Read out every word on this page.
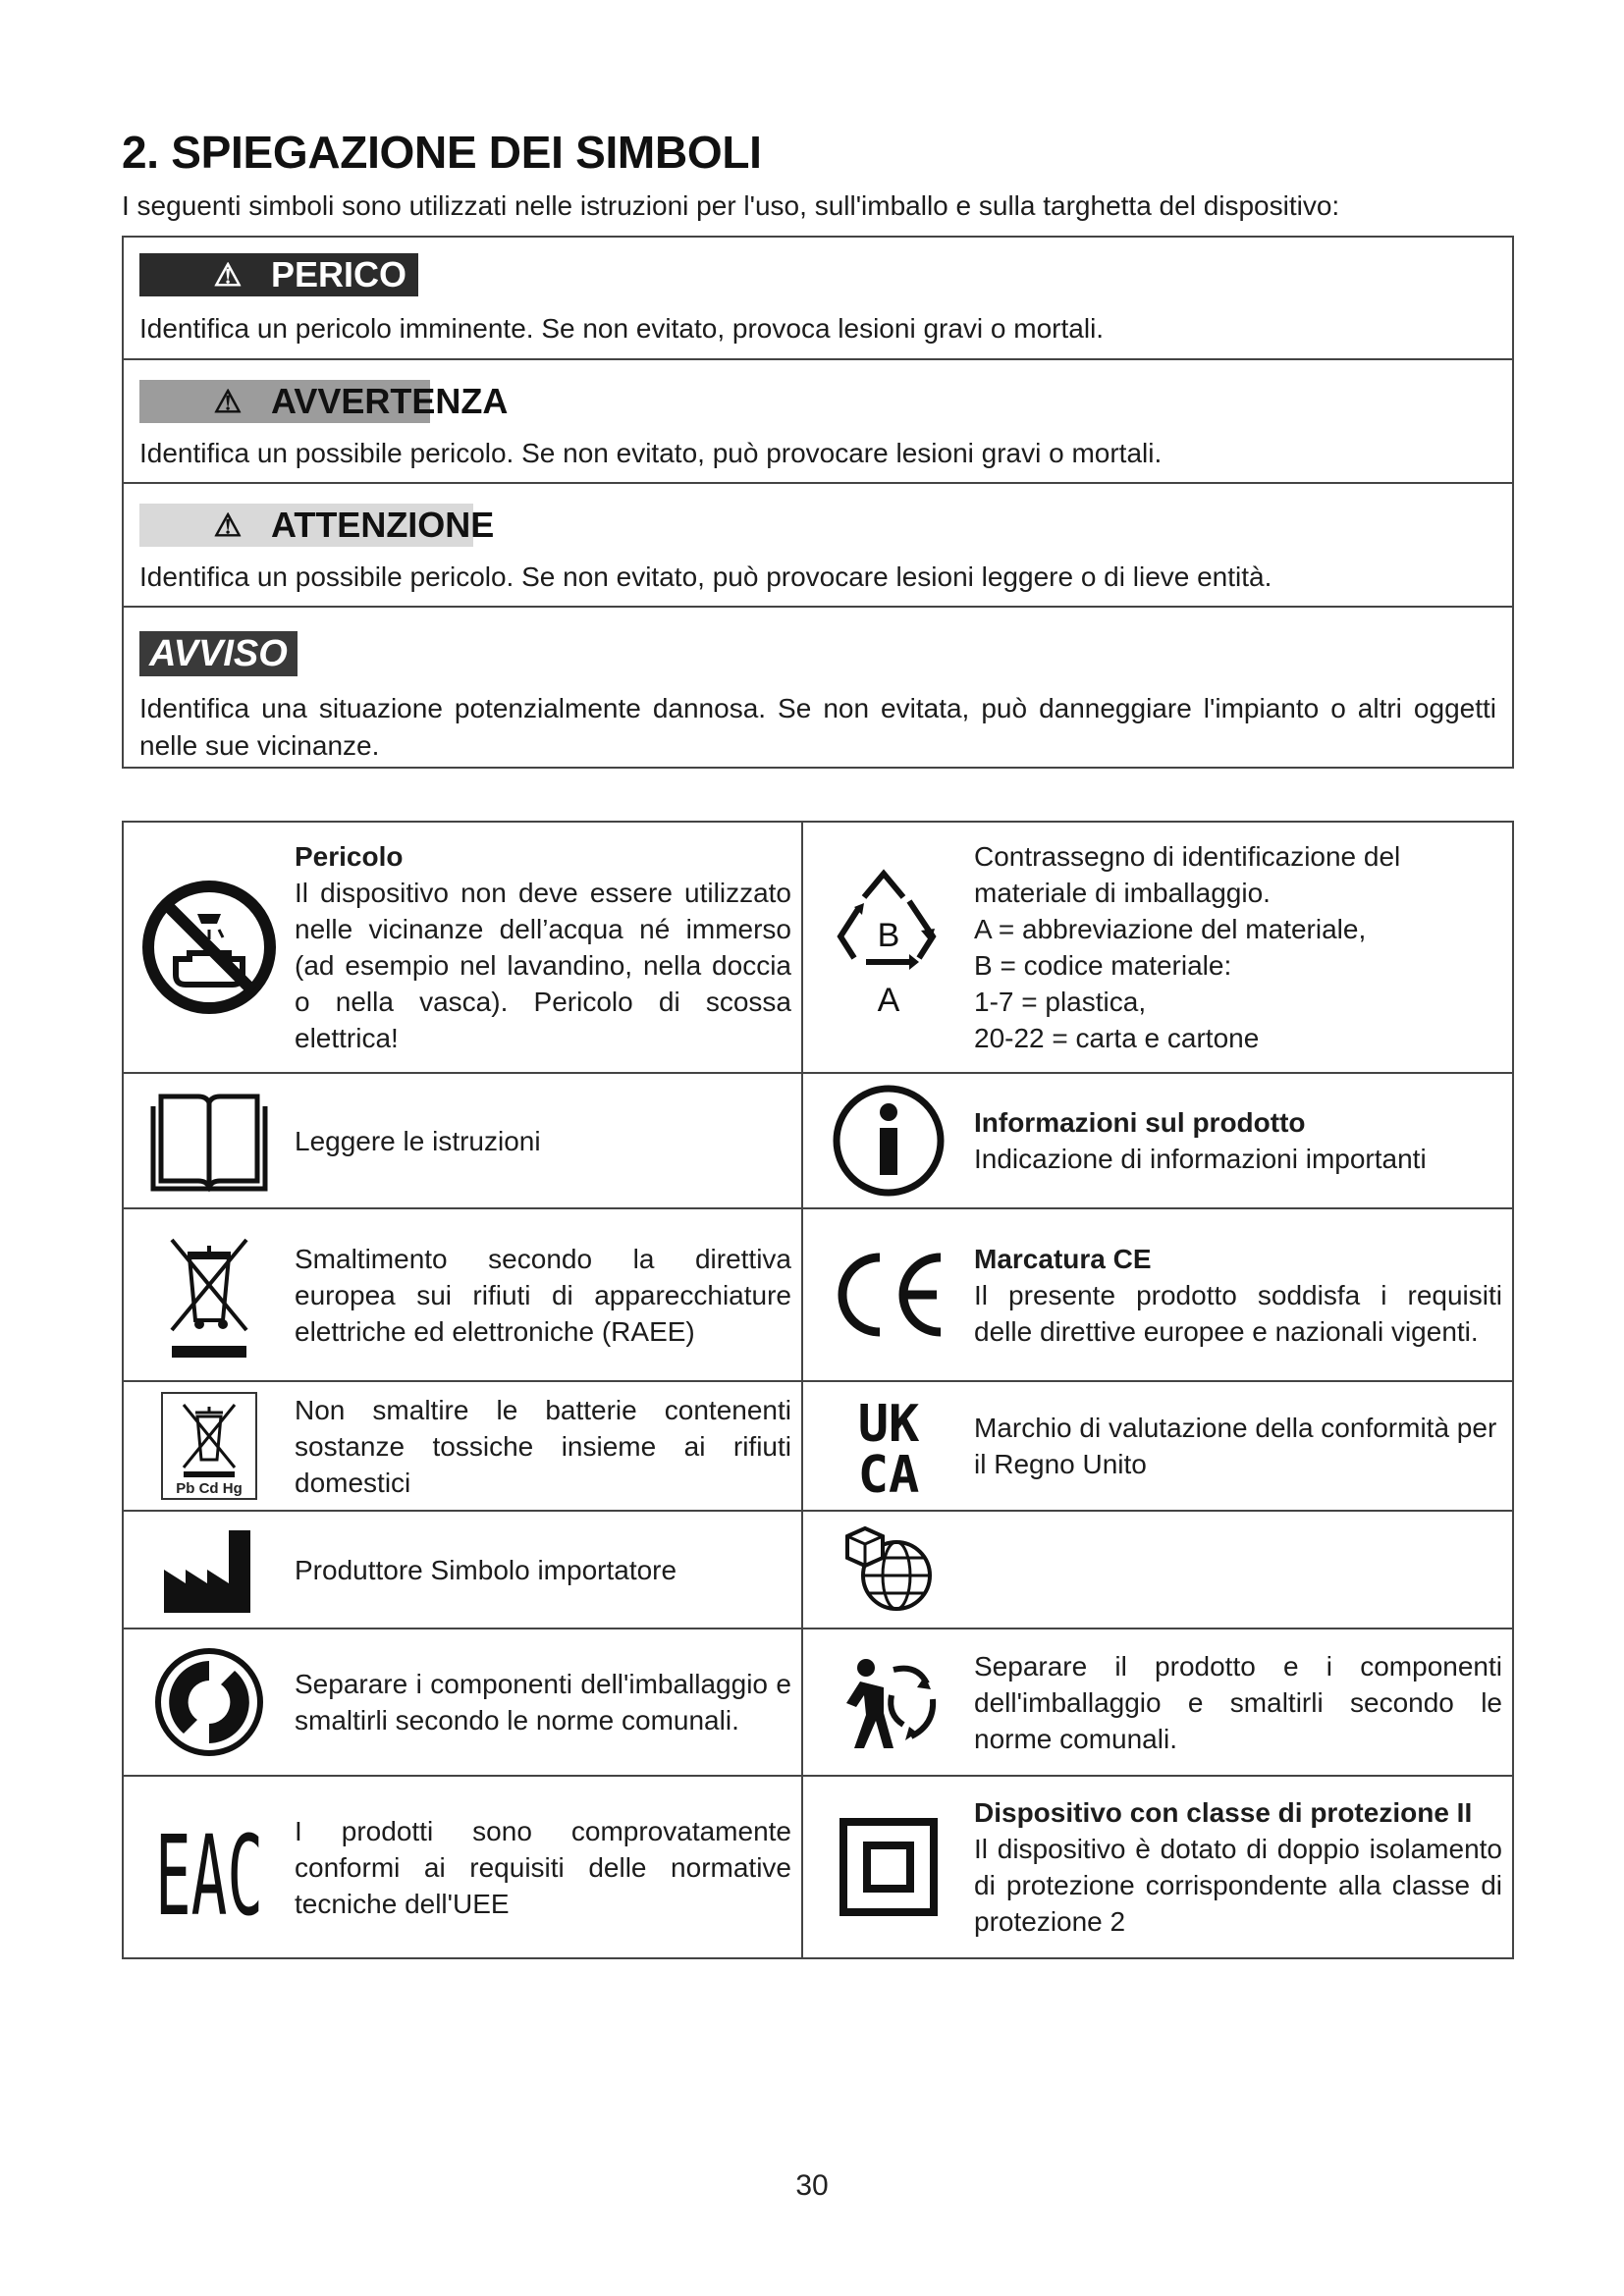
2. SPIEGAZIONE DEI SIMBOLI
I seguenti simboli sono utilizzati nelle istruzioni per l'uso, sull'imballo e sulla targhetta del dispositivo:
⚠ PERICO
Identifica un pericolo imminente. Se non evitato, provoca lesioni gravi o mortali.
⚠ AVVERTENZA
Identifica un possibile pericolo. Se non evitato, può provocare lesioni gravi o mortali.
⚠ ATTENZIONE
Identifica un possibile pericolo. Se non evitato, può provocare lesioni leggere o di lieve entità.
AVVISO
Identifica una situazione potenzialmente dannosa. Se non evitata, può danneggiare l'impianto o altri oggetti nelle sue vicinanze.
Pericolo
Il dispositivo non deve essere utilizzato nelle vicinanze dell’acqua né immerso (ad esempio nel lavandino, nella doccia o nella vasca). Pericolo di scossa elettrica!
B
A
Contrassegno di identificazione del materiale di imballaggio.
A = abbreviazione del materiale,
B = codice materiale:
1-7 = plastica,
20-22 = carta e cartone
Leggere le istruzioni
Informazioni sul prodotto
Indicazione di informazioni importanti
Smaltimento secondo la direttiva europea sui rifiuti di apparecchiature elettriche ed elettroniche (RAEE)
Marcatura CE
Il presente prodotto soddisfa i requisiti delle direttive europee e nazionali vigenti.
Pb Cd Hg
Non smaltire le batterie contenenti sostanze tossiche insieme ai rifiuti domestici
UK
CA
Marchio di valutazione della conformità per il Regno Unito
Produttore Simbolo importatore
Separare i componenti dell'imballaggio e smaltirli secondo le norme comunali.
Separare il prodotto e i componenti dell'imballaggio e smaltirli secondo le norme comunali.
EAC I prodotti sono comprovatamente conformi ai requisiti delle normative tecniche dell'UEE
Dispositivo con classe di protezione II
Il dispositivo è dotato di doppio isolamento di protezione corrispondente alla classe di protezione 2
30
